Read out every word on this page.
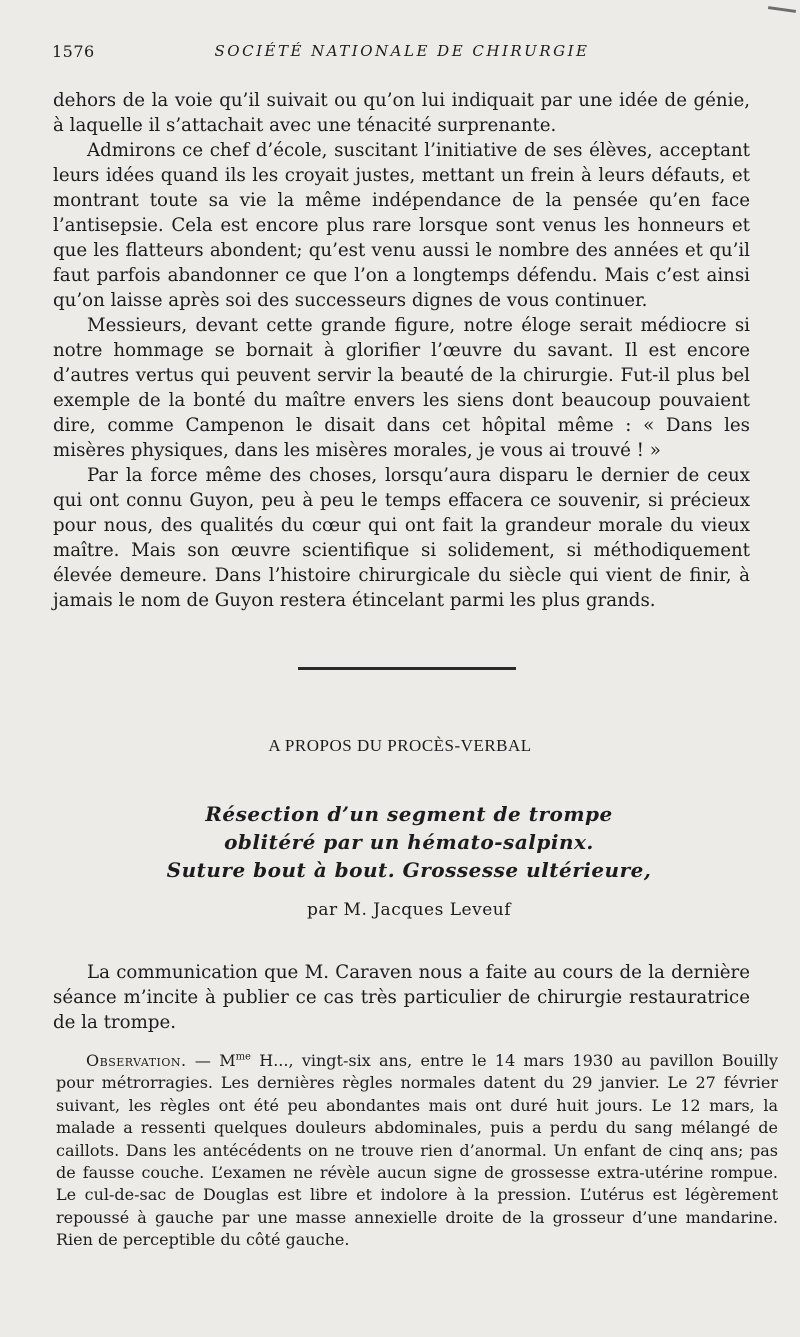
1576	SOCIÉTÉ NATIONALE DE CHIRURGIE

dehors de la voie qu’il suivait ou qu’on lui indiquait par une idée de génie, à laquelle il s’attachait avec une ténacité surprenante.

Admirons ce chef d’école, suscitant l’initiative de ses élèves, acceptant leurs idées quand ils les croyait justes, mettant un frein à leurs défauts, et montrant toute sa vie la même indépendance de la pensée qu’en face l’antisepsie. Cela est encore plus rare lorsque sont venus les honneurs et que les flatteurs abondent; qu’est venu aussi le nombre des années et qu’il faut parfois abandonner ce que l’on a longtemps défendu. Mais c’est ainsi qu’on laisse après soi des successeurs dignes de vous continuer.

Messieurs, devant cette grande figure, notre éloge serait médiocre si notre hommage se bornait à glorifier l’œuvre du savant. Il est encore d’autres vertus qui peuvent servir la beauté de la chirurgie. Fut-il plus bel exemple de la bonté du maître envers les siens dont beaucoup pouvaient dire, comme Campenon le disait dans cet hôpital même : « Dans les misères physiques, dans les misères morales, je vous ai trouvé ! »

Par la force même des choses, lorsqu’aura disparu le dernier de ceux qui ont connu Guyon, peu à peu le temps effacera ce souvenir, si précieux pour nous, des qualités du cœur qui ont fait la grandeur morale du vieux maître. Mais son œuvre scientifique si solidement, si méthodiquement élevée demeure. Dans l’histoire chirurgicale du siècle qui vient de finir, à jamais le nom de Guyon restera étincelant parmi les plus grands.

A PROPOS DU PROCÈS-VERBAL
Résection d’un segment de trompe
oblitéré par un hémato-salpinx.
Suture bout à bout. Grossesse ultérieure,
par M. Jacques Leveuf

La communication que M. Caraven nous a faite au cours de la dernière séance m’incite à publier ce cas très particulier de chirurgie restauratrice de la trompe.

Observation. — $M^{me}$ H..., vingt-six ans, entre le 14 mars 1930 au pavillon Bouilly pour métrorragies. Les dernières règles normales datent du 29 janvier. Le 27 février suivant, les règles ont été peu abondantes mais ont duré huit jours. Le 12 mars, la malade a ressenti quelques douleurs abdominales, puis a perdu du sang mélangé de caillots. Dans les antécédents on ne trouve rien d’anormal. Un enfant de cinq ans; pas de fausse couche. L’examen ne révèle aucun signe de grossesse extra-utérine rompue. Le cul-de-sac de Douglas est libre et indolore à la pression. L’utérus est légèrement repoussé à gauche par une masse annexielle droite de la grosseur d’une mandarine. Rien de perceptible du côté gauche.
